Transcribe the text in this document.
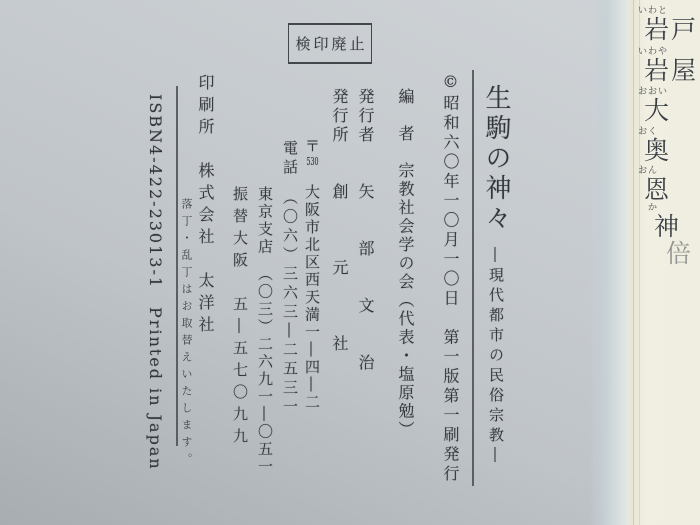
検印廃止
©昭和六〇年一〇月一〇日　第一版第一刷発行 生駒の神々 ―現代都市の民俗宗教―
編　者　宗教社会学の会（代表・塩原勉）
発行者　　矢　　部　　文　　治
発行所　　創　　　元　　　社
〒530　大阪市北区西天満一―四―二
電話　（〇六）三六三―二五三一
東京支店　（〇三）二六九一―〇五一
振替大阪　五―五七〇九九
印刷所　株式会社　太洋社
落丁・乱丁はお取替えいたします。
ISBN4-422-23013-1　Printed in Japan
いわと
岩戸
いわや
岩屋
おおい
大
おく
奥
おん
恩
か
神
倍
